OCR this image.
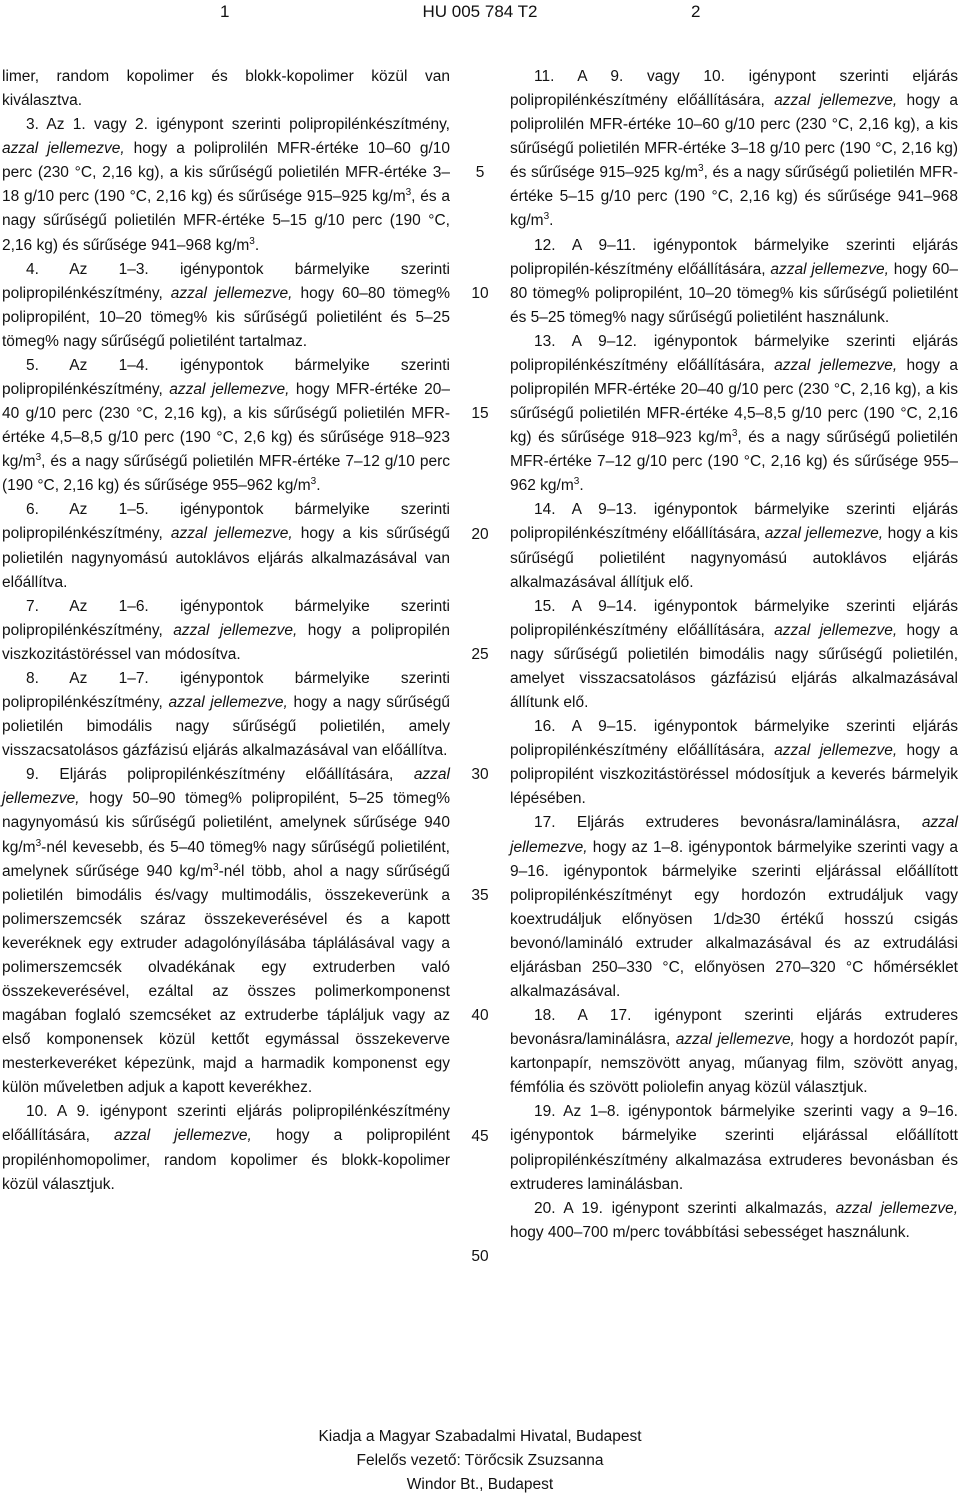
1	HU 005 784 T2	2

limer, random kopolimer és blokk-kopolimer közül van kiválasztva.

3. Az 1. vagy 2. igénypont szerinti polipropilénkészítmény, azzal jellemezve, hogy a poliprolilén MFR-értéke 10–60 g/10 perc (230 °C, 2,16 kg), a kis sűrűségű polietilén MFR-értéke 3–18 g/10 perc (190 °C, 2,16 kg) és sűrűsége 915–925 $kg/m^3$, és a nagy sűrűségű polietilén MFR-értéke 5–15 g/10 perc (190 °C, 2,16 kg) és sűrűsége 941–968 $kg/m^3$.

4. Az 1–3. igénypontok bármelyike szerinti polipropilénkészítmény, azzal jellemezve, hogy 60–80 tömeg% polipropilént, 10–20 tömeg% kis sűrűségű polietilént és 5–25 tömeg% nagy sűrűségű polietilént tartalmaz.

5. Az 1–4. igénypontok bármelyike szerinti polipropilénkészítmény, azzal jellemezve, hogy MFR-értéke 20–40 g/10 perc (230 °C, 2,16 kg), a kis sűrűségű polietilén MFR-értéke 4,5–8,5 g/10 perc (190 °C, 2,6 kg) és sűrűsége 918–923 $kg/m^3$, és a nagy sűrűségű polietilén MFR-értéke 7–12 g/10 perc (190 °C, 2,16 kg) és sűrűsége 955–962 $kg/m^3$.

6. Az 1–5. igénypontok bármelyike szerinti polipropilénkészítmény, azzal jellemezve, hogy a kis sűrűségű polietilén nagynyomású autoklávos eljárás alkalmazásával van előállítva.

7. Az 1–6. igénypontok bármelyike szerinti polipropilénkészítmény, azzal jellemezve, hogy a polipropilén viszkozitástöréssel van módosítva.

8. Az 1–7. igénypontok bármelyike szerinti polipropilénkészítmény, azzal jellemezve, hogy a nagy sűrűségű polietilén bimodális nagy sűrűségű polietilén, amely visszacsatolásos gázfázisú eljárás alkalmazásával van előállítva.

9. Eljárás polipropilénkészítmény előállítására, azzal jellemezve, hogy 50–90 tömeg% polipropilént, 5–25 tömeg% nagynyomású kis sűrűségű polietilént, amelynek sűrűsége 940 $kg/m^3$-nél kevesebb, és 5–40 tömeg% nagy sűrűségű polietilént, amelynek sűrűsége 940 $kg/m^3$-nél több, ahol a nagy sűrűségű polietilén bimodális és/vagy multimodális, összekeverünk a polimerszemcsék száraz összekeverésével és a kapott keveréknek egy extruder adagolónyílásába táplálásával vagy a polimerszemcsék olvadékának egy extruderben való összekeverésével, ezáltal az összes polimerkomponenst magában foglaló szemcséket az extruderbe tápláljuk vagy az első komponensek közül kettőt egymással összekeverve mesterkeveréket képezünk, majd a harmadik komponenst egy külön műveletben adjuk a kapott keverékhez.

10. A 9. igénypont szerinti eljárás polipropilénkészítmény előállítására, azzal jellemezve, hogy a polipropilént propilénhomopolimer, random kopolimer és blokk-kopolimer közül választjuk.

5
10
15
20
25
30
35
40
45
50

11. A 9. vagy 10. igénypont szerinti eljárás polipropilénkészítmény előállítására, azzal jellemezve, hogy a poliprolilén MFR-értéke 10–60 g/10 perc (230 °C, 2,16 kg), a kis sűrűségű polietilén MFR-értéke 3–18 g/10 perc (190 °C, 2,16 kg) és sűrűsége 915–925 $kg/m^3$, és a nagy sűrűségű polietilén MFR-értéke 5–15 g/10 perc (190 °C, 2,16 kg) és sűrűsége 941–968 $kg/m^3$.

12. A 9–11. igénypontok bármelyike szerinti eljárás polipropilén-készítmény előállítására, azzal jellemezve, hogy 60–80 tömeg% polipropilént, 10–20 tömeg% kis sűrűségű polietilént és 5–25 tömeg% nagy sűrűségű polietilént használunk.

13. A 9–12. igénypontok bármelyike szerinti eljárás polipropilénkészítmény előállítására, azzal jellemezve, hogy a polipropilén MFR-értéke 20–40 g/10 perc (230 °C, 2,16 kg), a kis sűrűségű polietilén MFR-értéke 4,5–8,5 g/10 perc (190 °C, 2,16 kg) és sűrűsége 918–923 $kg/m^3$, és a nagy sűrűségű polietilén MFR-értéke 7–12 g/10 perc (190 °C, 2,16 kg) és sűrűsége 955–962 $kg/m^3$.

14. A 9–13. igénypontok bármelyike szerinti eljárás polipropilénkészítmény előállítására, azzal jellemezve, hogy a kis sűrűségű polietilént nagynyomású autoklávos eljárás alkalmazásával állítjuk elő.

15. A 9–14. igénypontok bármelyike szerinti eljárás polipropilénkészítmény előállítására, azzal jellemezve, hogy a nagy sűrűségű polietilén bimodális nagy sűrűségű polietilén, amelyet visszacsatolásos gázfázisú eljárás alkalmazásával állítunk elő.

16. A 9–15. igénypontok bármelyike szerinti eljárás polipropilénkészítmény előállítására, azzal jellemezve, hogy a polipropilént viszkozitástöréssel módosítjuk a keverés bármelyik lépésében.

17. Eljárás extruderes bevonásra/laminálásra, azzal jellemezve, hogy az 1–8. igénypontok bármelyike szerinti vagy a 9–16. igénypontok bármelyike szerinti eljárással előállított polipropilénkészítményt egy hordozón extrudáljuk vagy koextrudáljuk előnyösen 1/d≥30 értékű hosszú csigás bevonó/lamináló extruder alkalmazásával és az extrudálási eljárásban 250–330 °C, előnyösen 270–320 °C hőmérséklet alkalmazásával.

18. A 17. igénypont szerinti eljárás extruderes bevonásra/laminálásra, azzal jellemezve, hogy a hordozót papír, kartonpapír, nemszövött anyag, műanyag film, szövött anyag, fémfólia és szövött poliolefin anyag közül választjuk.

19. Az 1–8. igénypontok bármelyike szerinti vagy a 9–16. igénypontok bármelyike szerinti eljárással előállított polipropilénkészítmény alkalmazása extruderes bevonásban és extruderes laminálásban.

20. A 19. igénypont szerinti alkalmazás, azzal jellemezve, hogy 400–700 m/perc továbbítási sebességet használunk.

Kiadja a Magyar Szabadalmi Hivatal, Budapest
Felelős vezető: Törőcsik Zsuzsanna
Windor Bt., Budapest
